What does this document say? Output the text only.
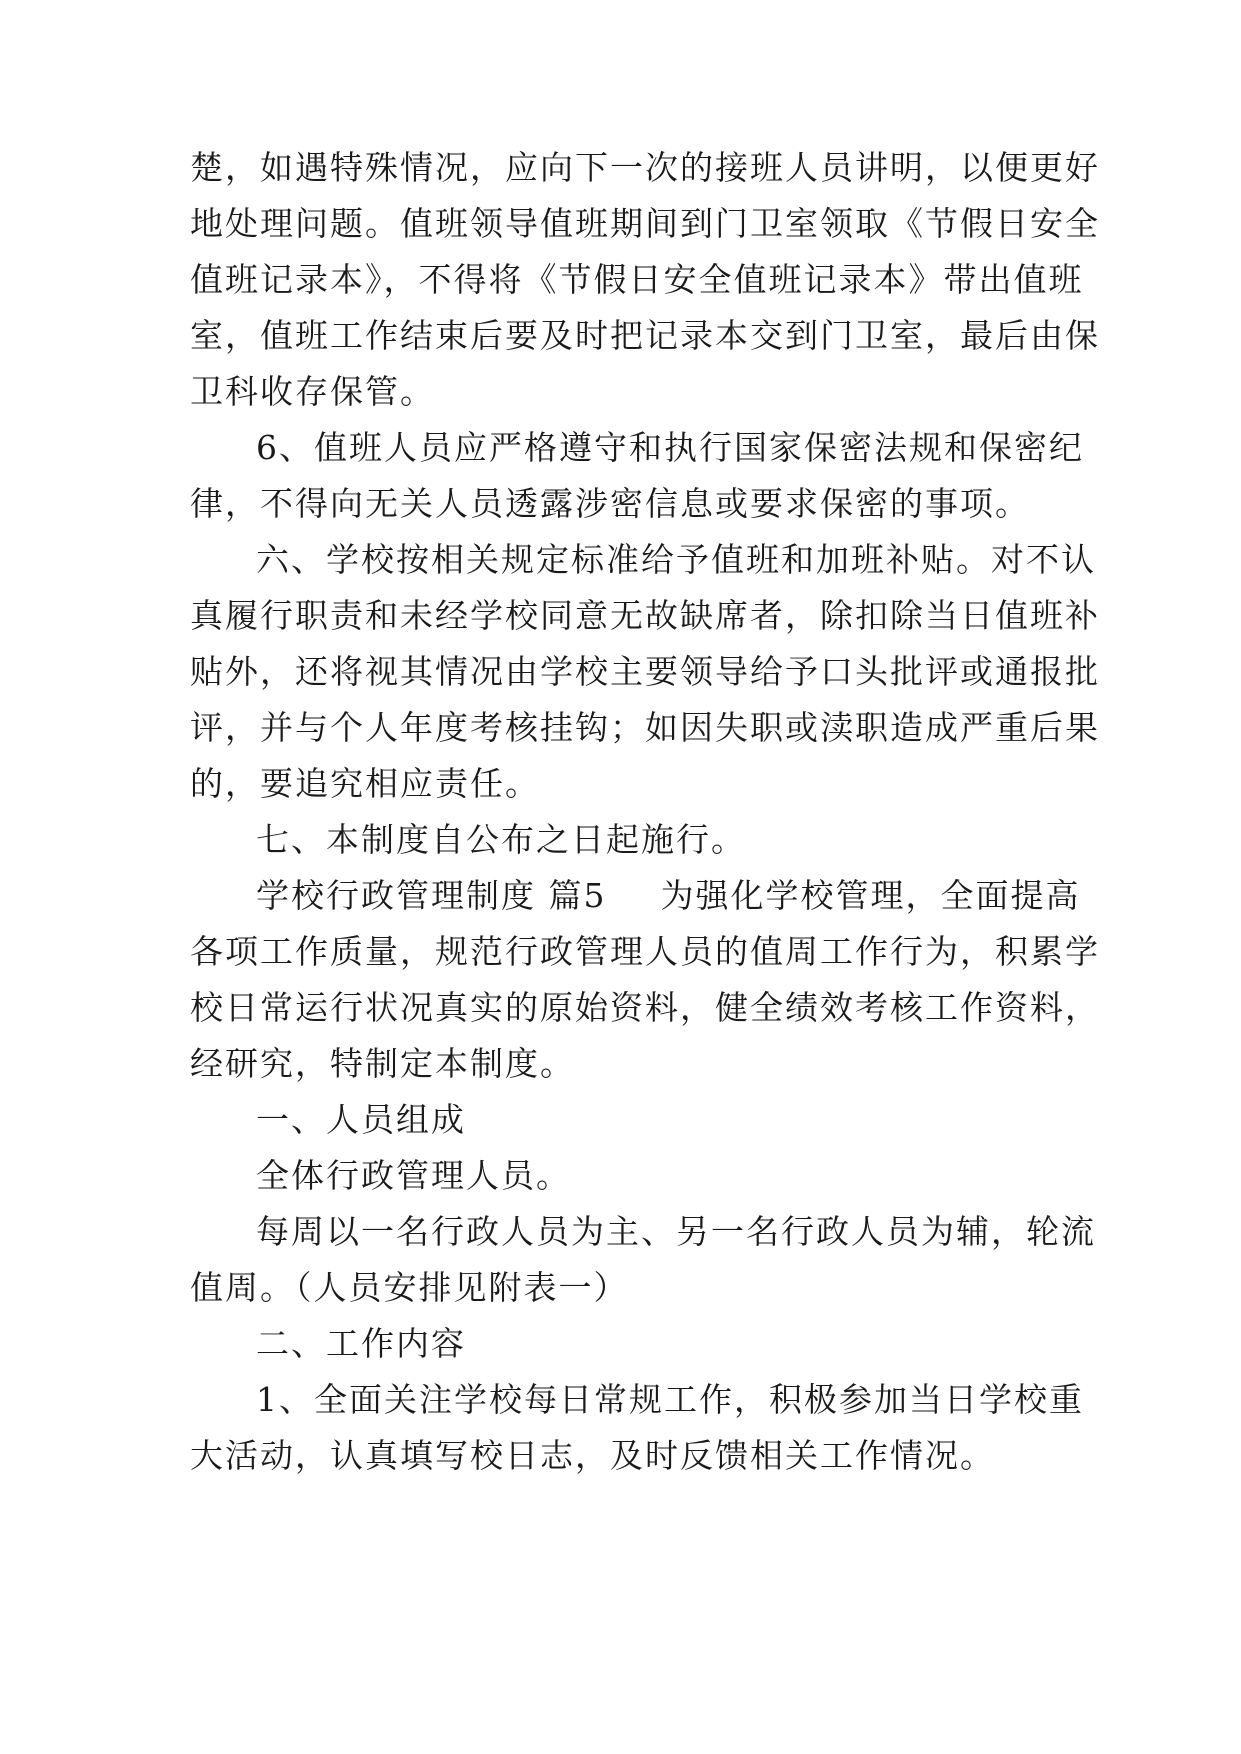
楚，如遇特殊情况，应向下一次的接班人员讲明，以便更好
地处理问题。值班领导值班期间到门卫室领取《节假日安全
值班记录本》，不得将《节假日安全值班记录本》带出值班
室，值班工作结束后要及时把记录本交到门卫室，最后由保
卫科收存保管。
6、值班人员应严格遵守和执行国家保密法规和保密纪
律，不得向无关人员透露涉密信息或要求保密的事项。
六、学校按相关规定标准给予值班和加班补贴。对不认
真履行职责和未经学校同意无故缺席者，除扣除当日值班补
贴外，还将视其情况由学校主要领导给予口头批评或通报批
评，并与个人年度考核挂钩；如因失职或渎职造成严重后果
的，要追究相应责任。
七、本制度自公布之日起施行。
学校行政管理制度 篇5 为强化学校管理，全面提高
各项工作质量，规范行政管理人员的值周工作行为，积累学
校日常运行状况真实的原始资料，健全绩效考核工作资料，
经研究，特制定本制度。
一、人员组成
全体行政管理人员。
每周以一名行政人员为主、另一名行政人员为辅，轮流
值周。（人员安排见附表一）
二、工作内容
1、全面关注学校每日常规工作，积极参加当日学校重
大活动，认真填写校日志，及时反馈相关工作情况。
